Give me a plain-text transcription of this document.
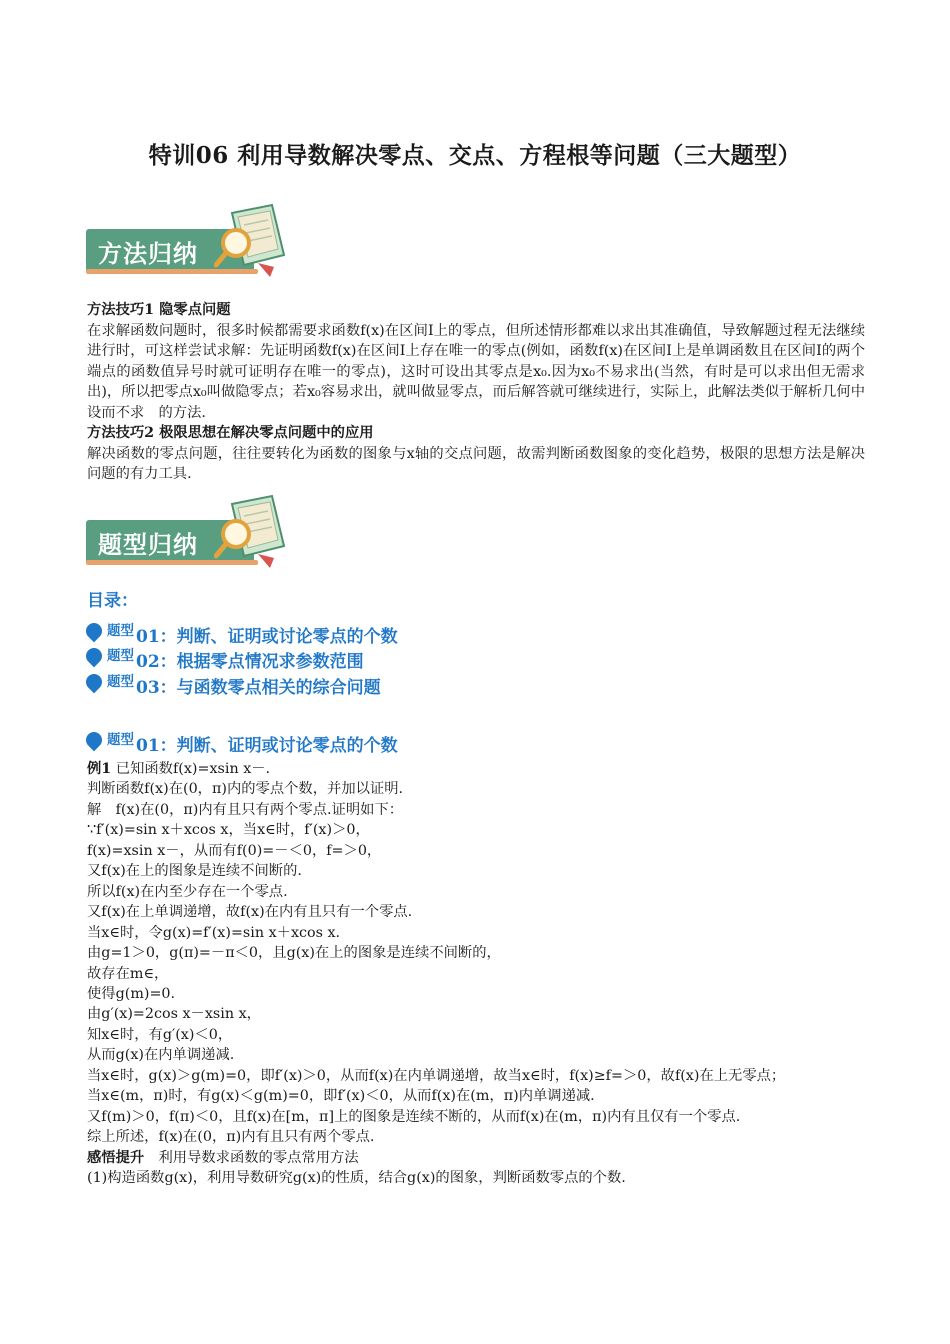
特训06 利用导数解决零点、交点、方程根等问题（三大题型）
方法归纳

方法技巧1 隐零点问题

在求解函数问题时，很多时候都需要求函数f(x)在区间I上的零点，但所述情形都难以求出其准确值，导致解题过程无法继续进行时，可这样尝试求解：先证明函数f(x)在区间I上存在唯一的零点(例如，函数f(x)在区间I上是单调函数且在区间I的两个端点的函数值异号时就可证明存在唯一的零点)，这时可设出其零点是x₀.因为x₀不易求出(当然，有时是可以求出但无需求出)，所以把零点x₀叫做隐零点；若x₀容易求出，就叫做显零点，而后解答就可继续进行，实际上，此解法类似于解析几何中　设而不求　的方法.

方法技巧2 极限思想在解决零点问题中的应用

解决函数的零点问题，往往要转化为函数的图象与x轴的交点问题，故需判断函数图象的变化趋势，极限的思想方法是解决问题的有力工具.

题型归纳
目录：
题型 01： 判断、证明或讨论零点的个数
题型 02： 根据零点情况求参数范围
题型 03： 与函数零点相关的综合问题
题型 01： 判断、证明或讨论零点的个数
例1 已知函数f(x)=xsin x－.
判断函数f(x)在(0，π)内的零点个数，并加以证明.
解　f(x)在(0，π)内有且只有两个零点.证明如下：
∵f′(x)=sin x＋xcos x，当x∈时，f′(x)＞0，
f(x)=xsin x－，从而有f(0)=－＜0，f=＞0，
又f(x)在上的图象是连续不间断的.
所以f(x)在内至少存在一个零点.
又f(x)在上单调递增，故f(x)在内有且只有一个零点.
当x∈时，令g(x)=f′(x)=sin x＋xcos x.
由g=1＞0，g(π)=－π＜0，且g(x)在上的图象是连续不间断的，
故存在m∈，
使得g(m)=0.
由g′(x)=2cos x－xsin x，
知x∈时，有g′(x)＜0，
从而g(x)在内单调递减.
当x∈时，g(x)＞g(m)=0，即f′(x)＞0，从而f(x)在内单调递增，故当x∈时，f(x)≥f=＞0，故f(x)在上无零点；
当x∈(m，π)时，有g(x)＜g(m)=0，即f′(x)＜0，从而f(x)在(m，π)内单调递减.
又f(m)＞0，f(π)＜0，且f(x)在[m，π]上的图象是连续不断的，从而f(x)在(m，π)内有且仅有一个零点.
综上所述，f(x)在(0，π)内有且只有两个零点.
感悟提升　 利用导数求函数的零点常用方法
(1)构造函数g(x)，利用导数研究g(x)的性质，结合g(x)的图象，判断函数零点的个数.
